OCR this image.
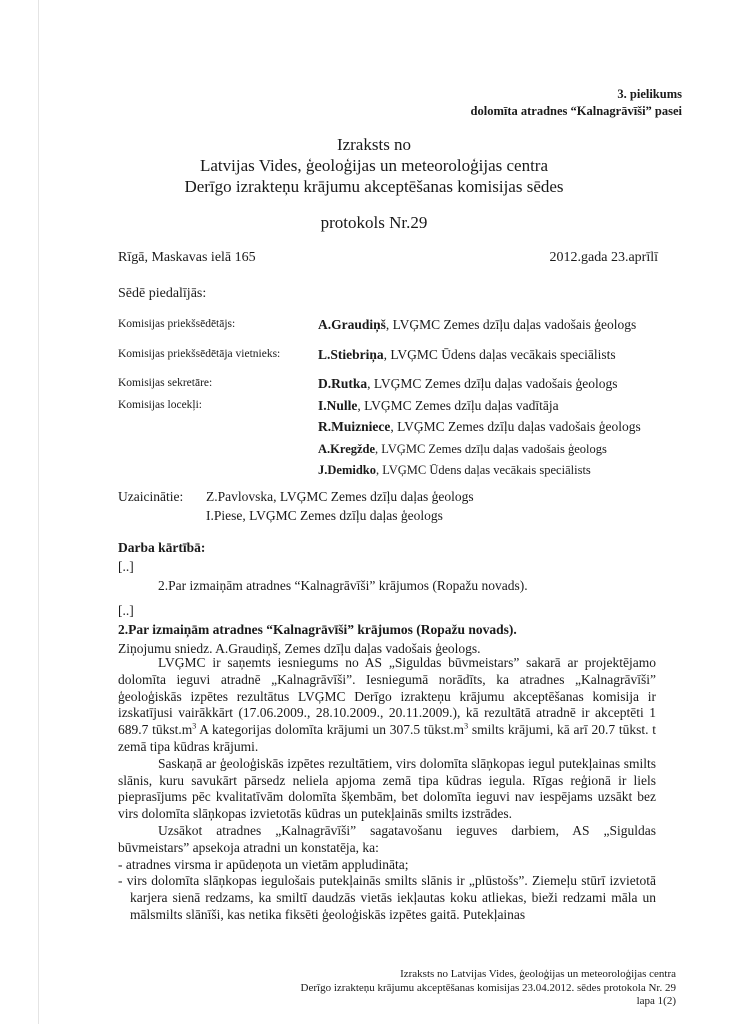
3. pielikums
dolomīta atradnes “Kalnagrāvīši” pasei
Izraksts no
Latvijas Vides, ģeoloģijas un meteoroloģijas centra
Derīgo izrakteņu krājumu akceptēšanas komisijas sēdes
protokols Nr.29
Rīgā, Maskavas ielā 165	2012.gada 23.aprīlī
Sēdē piedalījās:
Komisijas priekšsēdētājs:	A.Graudiņš, LVĢMC Zemes dzīļu daļas vadošais ģeologs
Komisijas priekšsēdētāja vietnieks:	L.Stiebriņa, LVĢMC Ūdens daļas vecākais speciālists
Komisijas sekretāre:	D.Rutka, LVĢMC Zemes dzīļu daļas vadošais ģeologs
Komisijas locekļi:	I.Nulle, LVĢMC Zemes dzīļu daļas vadītāja
R.Muizniece, LVĢMC Zemes dzīļu daļas vadošais ģeologs
A.Kregžde, LVĢMC Zemes dzīļu daļas vadošais ģeologs
J.Demidko, LVĢMC Ūdens daļas vecākais speciālists
Uzaicinātie: Z.Pavlovska, LVĢMC Zemes dzīļu daļas ģeologs
I.Piese, LVĢMC Zemes dzīļu daļas ģeologs
Darba kārtībā:
[..]
2.Par izmaiņām atradnes “Kalnagrāvīši” krājumos (Ropažu novads).
[..]
2.Par izmaiņām atradnes “Kalnagrāvīši” krājumos (Ropažu novads).
Ziņojumu sniedz. A.Graudiņš, Zemes dzīļu daļas vadošais ģeologs.

LVĢMC ir saņemts iesniegums no AS „Siguldas būvmeistars” sakarā ar projektējamo dolomīta ieguvi atradnē „Kalnagrāvīši”. Iesniegumā norādīts, ka atradnes „Kalnagrāvīši” ģeoloģiskās izpētes rezultātus LVĢMC Derīgo izrakteņu krājumu akceptēšanas komisija ir izskatījusi vairākkārt (17.06.2009., 28.10.2009., 20.11.2009.), kā rezultātā atradnē ir akceptēti 1 689.7 $tūkst.m^3$ A kategorijas dolomīta krājumi un 307.5 $tūkst.m^3$ smilts krājumi, kā arī 20.7 tūkst. t zemā tipa kūdras krājumi.

Saskaņā ar ģeoloģiskās izpētes rezultātiem, virs dolomīta slāņkopas iegul putekļainas smilts slānis, kuru savukārt pārsedz neliela apjoma zemā tipa kūdras iegula. Rīgas reģionā ir liels pieprasījums pēc kvalitatīvām dolomīta šķembām, bet dolomīta ieguvi nav iespējams uzsākt bez virs dolomīta slāņkopas izvietotās kūdras un putekļainās smilts izstrādes.

Uzsākot atradnes „Kalnagrāvīši” sagatavošanu ieguves darbiem, AS „Siguldas būvmeistars” apsekoja atradni un konstatēja, ka:

- atradnes virsma ir apūdeņota un vietām appludināta;
- virs dolomīta slāņkopas iegulošais putekļainās smilts slānis ir „plūstošs”. Ziemeļu stūrī izvietotā karjera sienā redzams, ka smiltī daudzās vietās iekļautas koku atliekas, bieži redzami māla un mālsmilts slānīši, kas netika fiksēti ģeoloģiskās izpētes gaitā. Putekļainas
Izraksts no Latvijas Vides, ģeoloģijas un meteoroloģijas centra
Derīgo izrakteņu krājumu akceptēšanas komisijas 23.04.2012. sēdes protokola Nr. 29
lapa 1(2)
